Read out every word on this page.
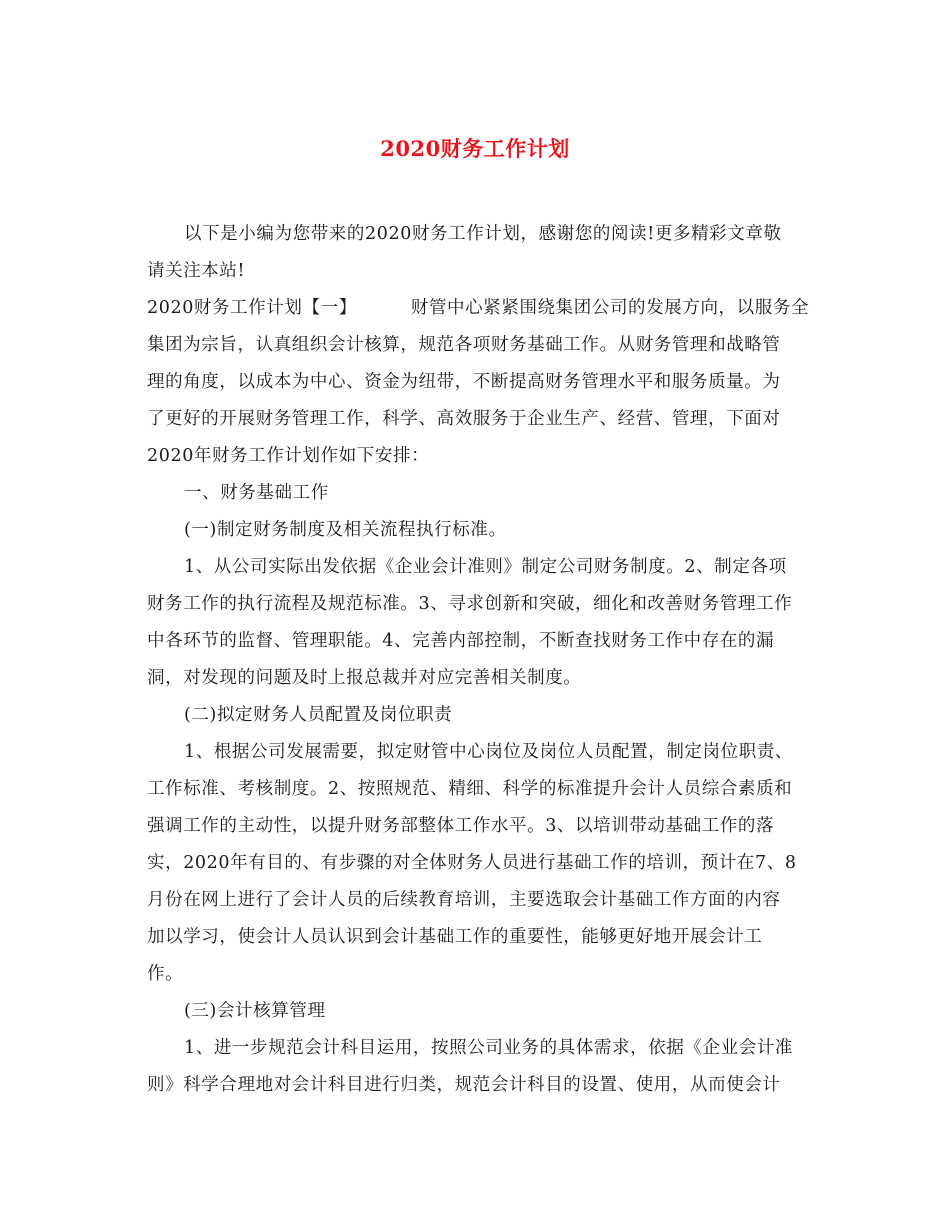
2020财务工作计划
以下是小编为您带来的2020财务工作计划，感谢您的阅读!更多精彩文章敬
请关注本站!
2020财务工作计划【一】	财管中心紧紧围绕集团公司的发展方向，以服务全
集团为宗旨，认真组织会计核算，规范各项财务基础工作。从财务管理和战略管
理的角度，以成本为中心、资金为纽带，不断提高财务管理水平和服务质量。为
了更好的开展财务管理工作，科学、高效服务于企业生产、经营、管理，下面对
2020年财务工作计划作如下安排：
一、财务基础工作
(一)制定财务制度及相关流程执行标准。
1、从公司实际出发依据《企业会计准则》制定公司财务制度。2、制定各项
财务工作的执行流程及规范标准。3、寻求创新和突破，细化和改善财务管理工作
中各环节的监督、管理职能。4、完善内部控制，不断查找财务工作中存在的漏
洞，对发现的问题及时上报总裁并对应完善相关制度。
(二)拟定财务人员配置及岗位职责
1、根据公司发展需要，拟定财管中心岗位及岗位人员配置，制定岗位职责、
工作标准、考核制度。2、按照规范、精细、科学的标准提升会计人员综合素质和
强调工作的主动性，以提升财务部整体工作水平。3、以培训带动基础工作的落
实，2020年有目的、有步骤的对全体财务人员进行基础工作的培训，预计在7、8
月份在网上进行了会计人员的后续教育培训，主要选取会计基础工作方面的内容
加以学习，使会计人员认识到会计基础工作的重要性，能够更好地开展会计工
作。
(三)会计核算管理
1、进一步规范会计科目运用，按照公司业务的具体需求，依据《企业会计准
则》科学合理地对会计科目进行归类，规范会计科目的设置、使用，从而使会计
